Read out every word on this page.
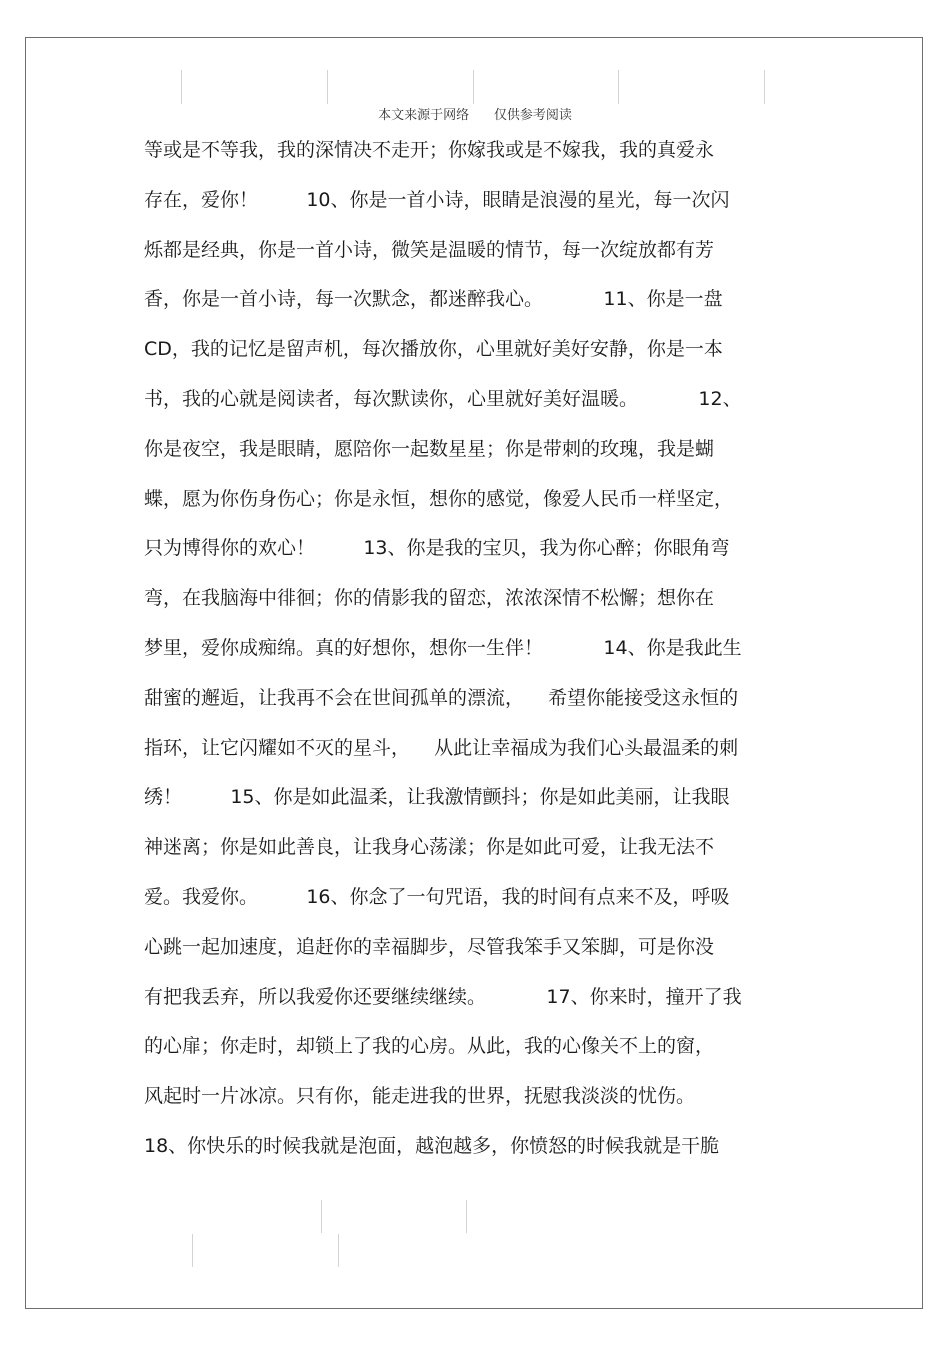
本文来源于网络      仅供参考阅读
等或是不等我，我的深情决不走开；你嫁我或是不嫁我，我的真爱永
存在，爱你！        10、你是一首小诗，眼睛是浪漫的星光，每一次闪
烁都是经典，你是一首小诗，微笑是温暖的情节，每一次绽放都有芳
香，你是一首小诗，每一次默念，都迷醉我心。          11、你是一盘
CD，我的记忆是留声机，每次播放你，心里就好美好安静，你是一本
书，我的心就是阅读者，每次默读你，心里就好美好温暖。          12、
你是夜空，我是眼睛，愿陪你一起数星星；你是带刺的玫瑰，我是蝴
蝶，愿为你伤身伤心；你是永恒，想你的感觉，像爱人民币一样坚定，
只为博得你的欢心！        13、你是我的宝贝，我为你心醉；你眼角弯
弯，在我脑海中徘徊；你的倩影我的留恋，浓浓深情不松懈；想你在
梦里，爱你成痴绵。真的好想你，想你一生伴！          14、你是我此生
甜蜜的邂逅，让我再不会在世间孤单的漂流，    希望你能接受这永恒的
指环，让它闪耀如不灭的星斗，    从此让幸福成为我们心头最温柔的刺
绣！        15、你是如此温柔，让我激情颤抖；你是如此美丽，让我眼
神迷离；你是如此善良，让我身心荡漾；你是如此可爱，让我无法不
爱。我爱你。        16、你念了一句咒语，我的时间有点来不及，呼吸
心跳一起加速度，追赶你的幸福脚步，尽管我笨手又笨脚，可是你没
有把我丢弃，所以我爱你还要继续继续。          17、你来时，撞开了我
的心扉；你走时，却锁上了我的心房。从此，我的心像关不上的窗，
风起时一片冰凉。只有你，能走进我的世界，抚慰我淡淡的忧伤。
18、你快乐的时候我就是泡面，越泡越多，你愤怒的时候我就是干脆
